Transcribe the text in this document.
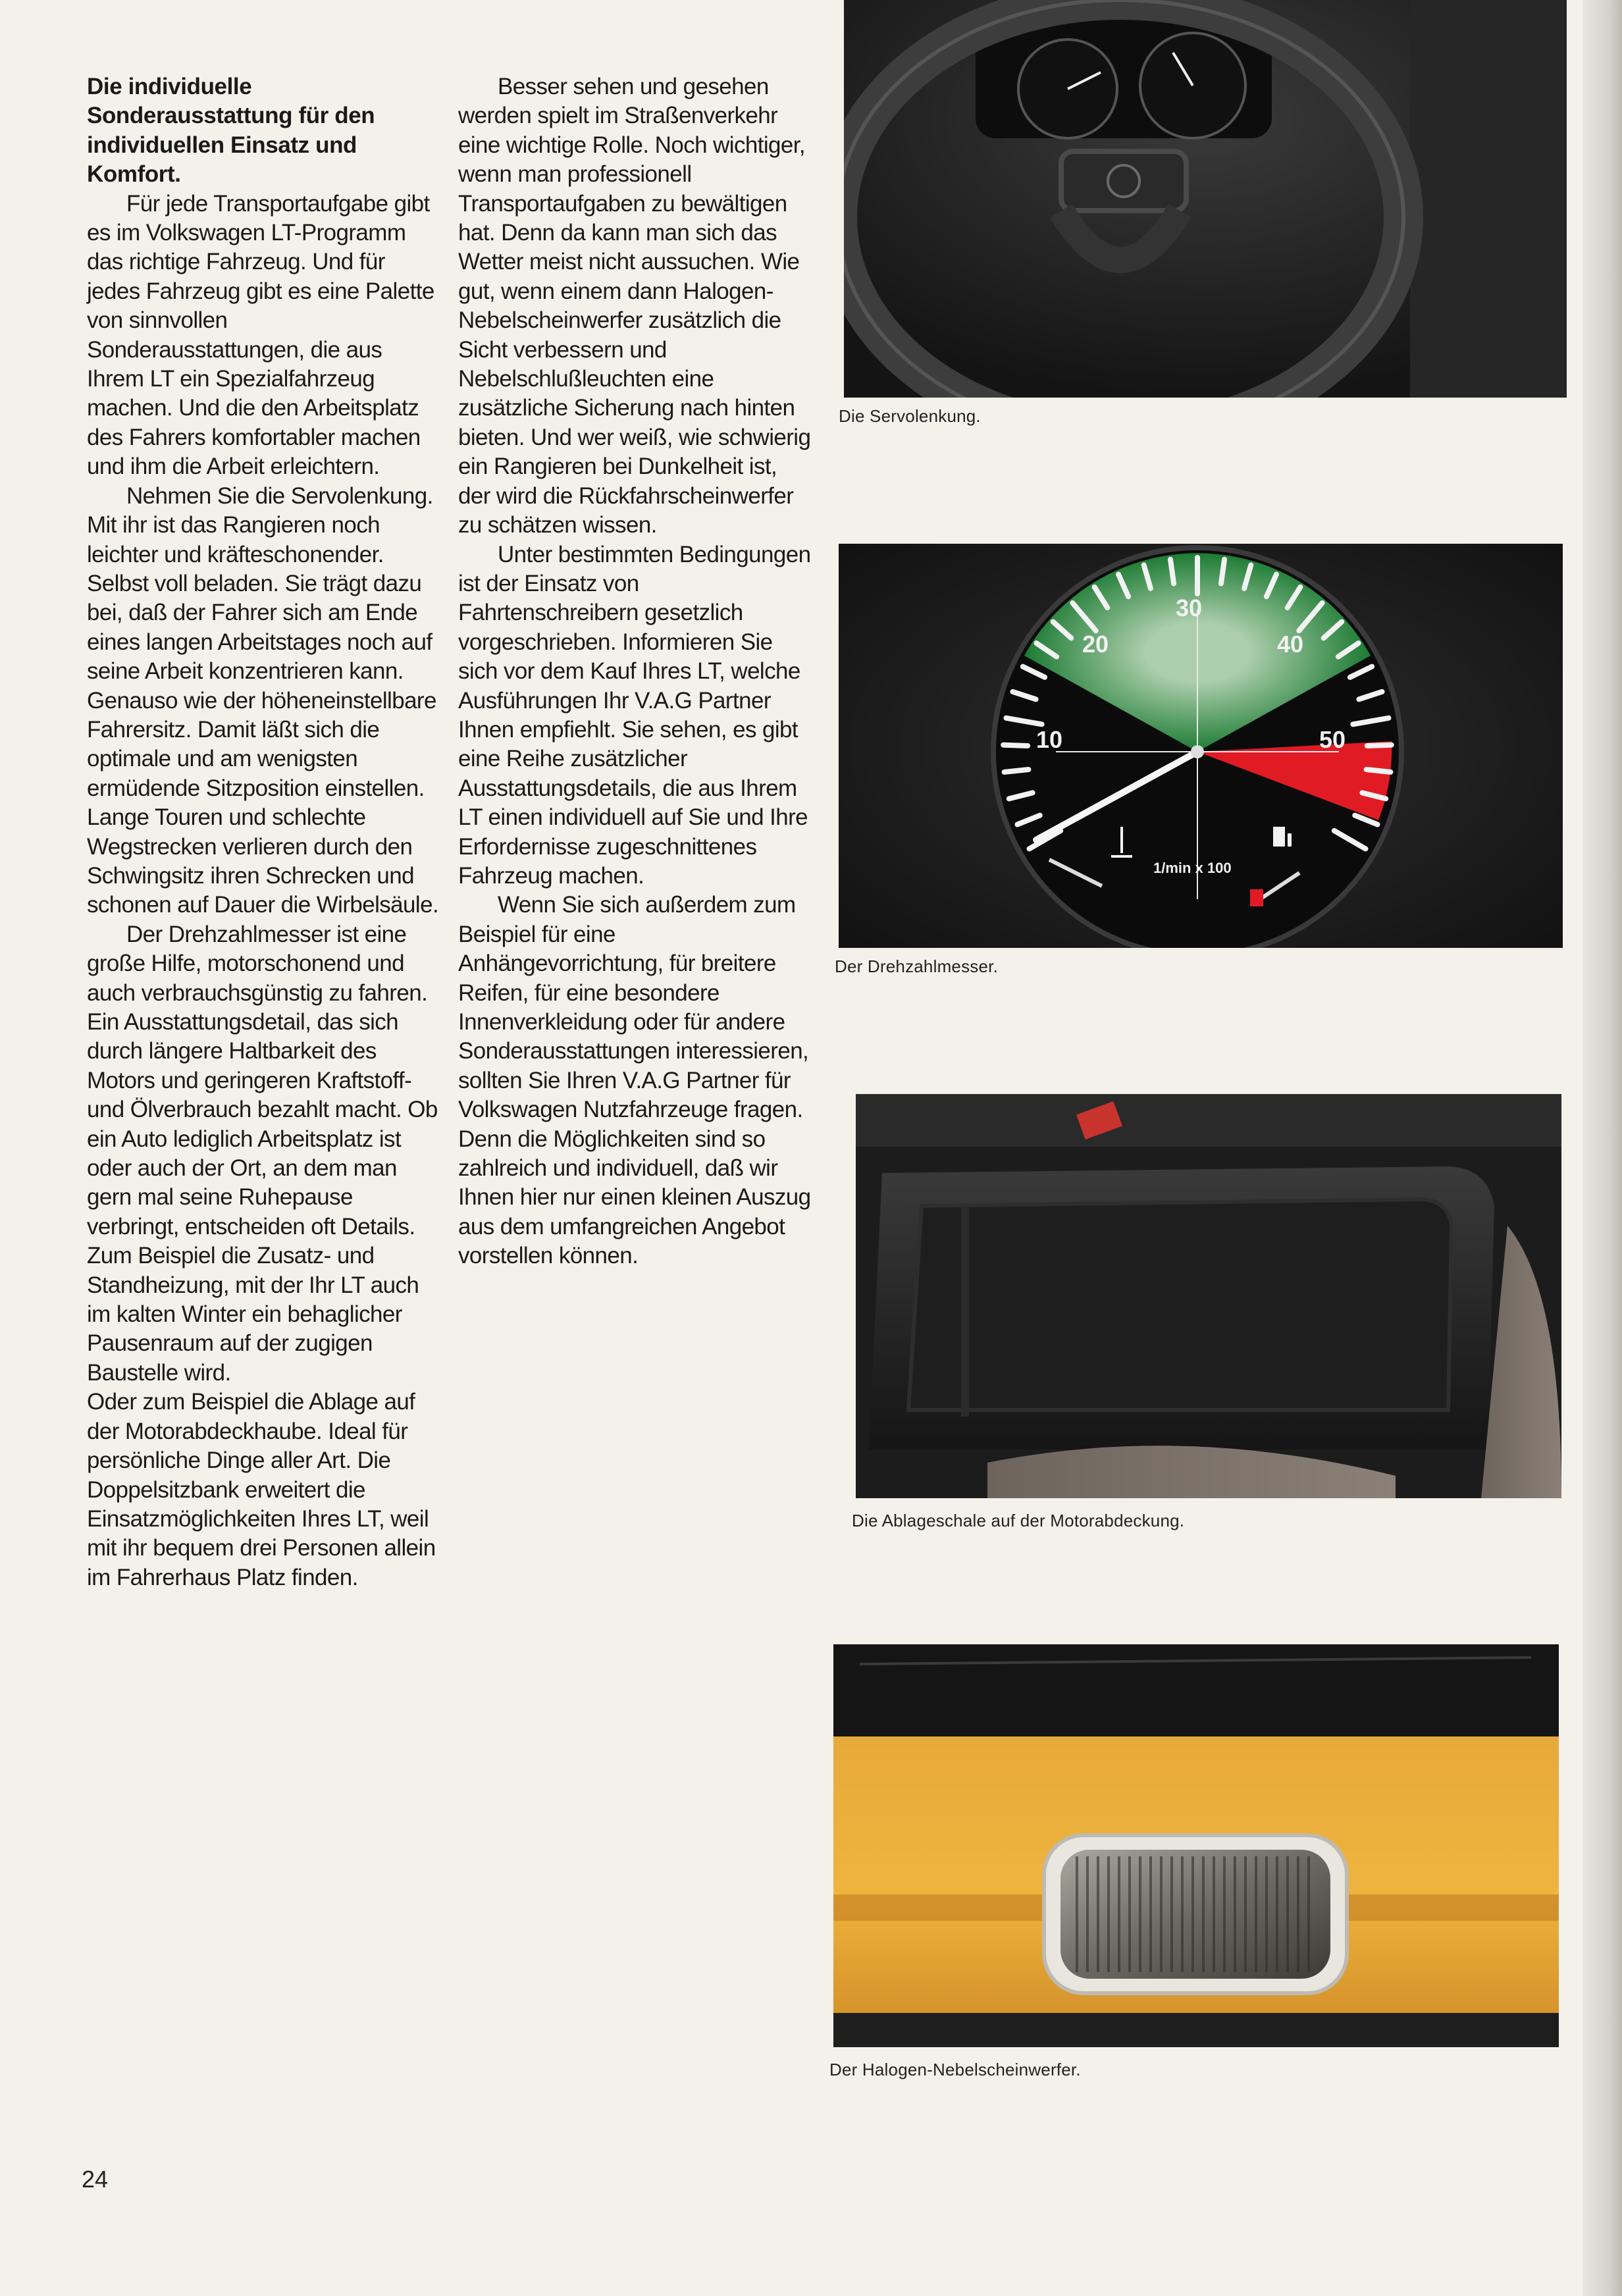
Die individuelle Sonderausstattung für den individuellen Einsatz und Komfort.

Für jede Transportaufgabe gibt es im Volkswagen LT-Programm das richtige Fahrzeug. Und für jedes Fahrzeug gibt es eine Palette von sinnvollen Sonderausstattungen, die aus Ihrem LT ein Spezialfahrzeug machen. Und die den Arbeitsplatz des Fahrers komfortabler machen und ihm die Arbeit erleichtern.

Nehmen Sie die Servolenkung. Mit ihr ist das Rangieren noch leichter und kräfteschonender. Selbst voll beladen. Sie trägt dazu bei, daß der Fahrer sich am Ende eines langen Arbeitstages noch auf seine Arbeit konzentrieren kann. Genauso wie der höheneinstellbare Fahrersitz. Damit läßt sich die optimale und am wenigsten ermüdende Sitzposition einstellen. Lange Touren und schlechte Wegstrecken verlieren durch den Schwingsitz ihren Schrecken und schonen auf Dauer die Wirbelsäule.

Der Drehzahlmesser ist eine große Hilfe, motorschonend und auch verbrauchsgünstig zu fahren. Ein Ausstattungsdetail, das sich durch längere Haltbarkeit des Motors und geringeren Kraftstoff- und Ölverbrauch bezahlt macht. Ob ein Auto lediglich Arbeitsplatz ist oder auch der Ort, an dem man gern mal seine Ruhepause verbringt, entscheiden oft Details. Zum Beispiel die Zusatz- und Standheizung, mit der Ihr LT auch im kalten Winter ein behaglicher Pausenraum auf der zugigen Baustelle wird.

Oder zum Beispiel die Ablage auf der Motorabdeckhaube. Ideal für persönliche Dinge aller Art. Die Doppelsitzbank erweitert die Einsatzmöglichkeiten Ihres LT, weil mit ihr bequem drei Personen allein im Fahrerhaus Platz finden.

Besser sehen und gesehen werden spielt im Straßenverkehr eine wichtige Rolle. Noch wichtiger, wenn man professionell Transportaufgaben zu bewältigen hat. Denn da kann man sich das Wetter meist nicht aussuchen. Wie gut, wenn einem dann Halogen-Nebelscheinwerfer zusätzlich die Sicht verbessern und Nebelschlußleuchten eine zusätzliche Sicherung nach hinten bieten. Und wer weiß, wie schwierig ein Rangieren bei Dunkelheit ist, der wird die Rückfahrscheinwerfer zu schätzen wissen.

Unter bestimmten Bedingungen ist der Einsatz von Fahrtenschreibern gesetzlich vorgeschrieben. Informieren Sie sich vor dem Kauf Ihres LT, welche Ausführungen Ihr V.A.G Partner Ihnen empfiehlt. Sie sehen, es gibt eine Reihe zusätzlicher Ausstattungsdetails, die aus Ihrem LT einen individuell auf Sie und Ihre Erfordernisse zugeschnittenes Fahrzeug machen.

Wenn Sie sich außerdem zum Beispiel für eine Anhängevorrichtung, für breitere Reifen, für eine besondere Innenverkleidung oder für andere Sonderausstattungen interessieren, sollten Sie Ihren V.A.G Partner für Volkswagen Nutzfahrzeuge fragen. Denn die Möglichkeiten sind so zahlreich und individuell, daß wir Ihnen hier nur einen kleinen Auszug aus dem umfangreichen Angebot vorstellen können.

Die Servolenkung.
10
20
30
40
50
1/min x 100
Der Drehzahlmesser.
Die Ablageschale auf der Motorabdeckung.
Der Halogen-Nebelscheinwerfer.
24
